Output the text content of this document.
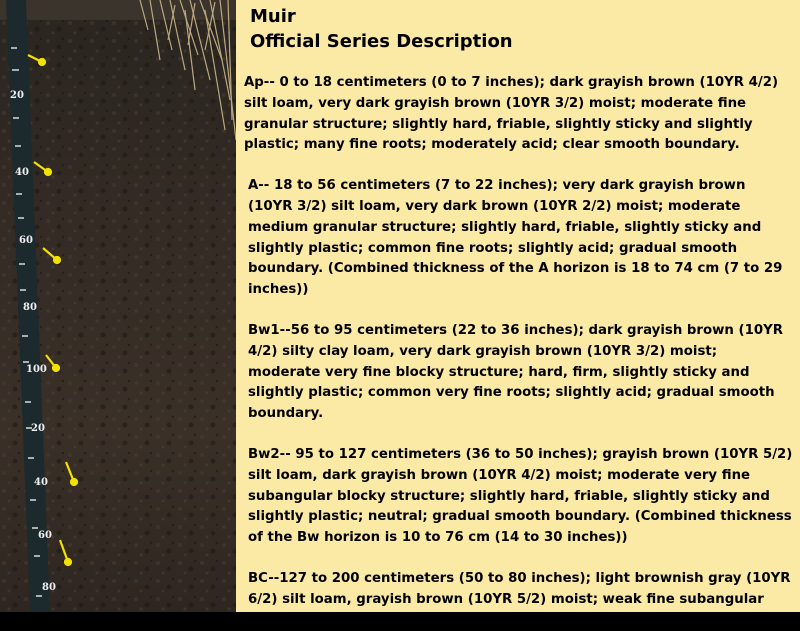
20
40
60
80
100
20
40
60
80
Muir
Official Series Description
Ap-- 0 to 18 centimeters (0 to 7 inches); dark grayish brown (10YR 4/2) silt loam, very dark grayish brown (10YR 3/2) moist; moderate fine granular structure; slightly hard, friable, slightly sticky and slightly plastic; many fine roots; moderately acid; clear smooth boundary.
A-- 18 to 56 centimeters (7 to 22 inches); very dark grayish brown (10YR 3/2) silt loam, very dark brown (10YR 2/2) moist; moderate medium granular structure; slightly hard, friable, slightly sticky and slightly plastic; common fine roots; slightly acid; gradual smooth boundary. (Combined thickness of the A horizon is 18 to 74 cm (7 to 29 inches))
Bw1--56 to 95 centimeters (22 to 36 inches); dark grayish brown (10YR 4/2) silty clay loam, very dark grayish brown (10YR 3/2) moist; moderate very fine blocky structure; hard, firm, slightly sticky and slightly plastic; common very fine roots; slightly acid; gradual smooth boundary.
Bw2-- 95 to 127 centimeters (36 to 50 inches); grayish brown (10YR 5/2) silt loam, dark grayish brown (10YR 4/2) moist; moderate very fine subangular blocky structure; slightly hard, friable, slightly sticky and slightly plastic; neutral; gradual smooth boundary. (Combined thickness of the Bw horizon is 10 to 76 cm (14 to 30 inches))
BC--127 to 200 centimeters (50 to 80 inches); light brownish gray (10YR 6/2) silt loam, grayish brown (10YR 5/2) moist; weak fine subangular blocky structure; hard, firm; slightly acid.
